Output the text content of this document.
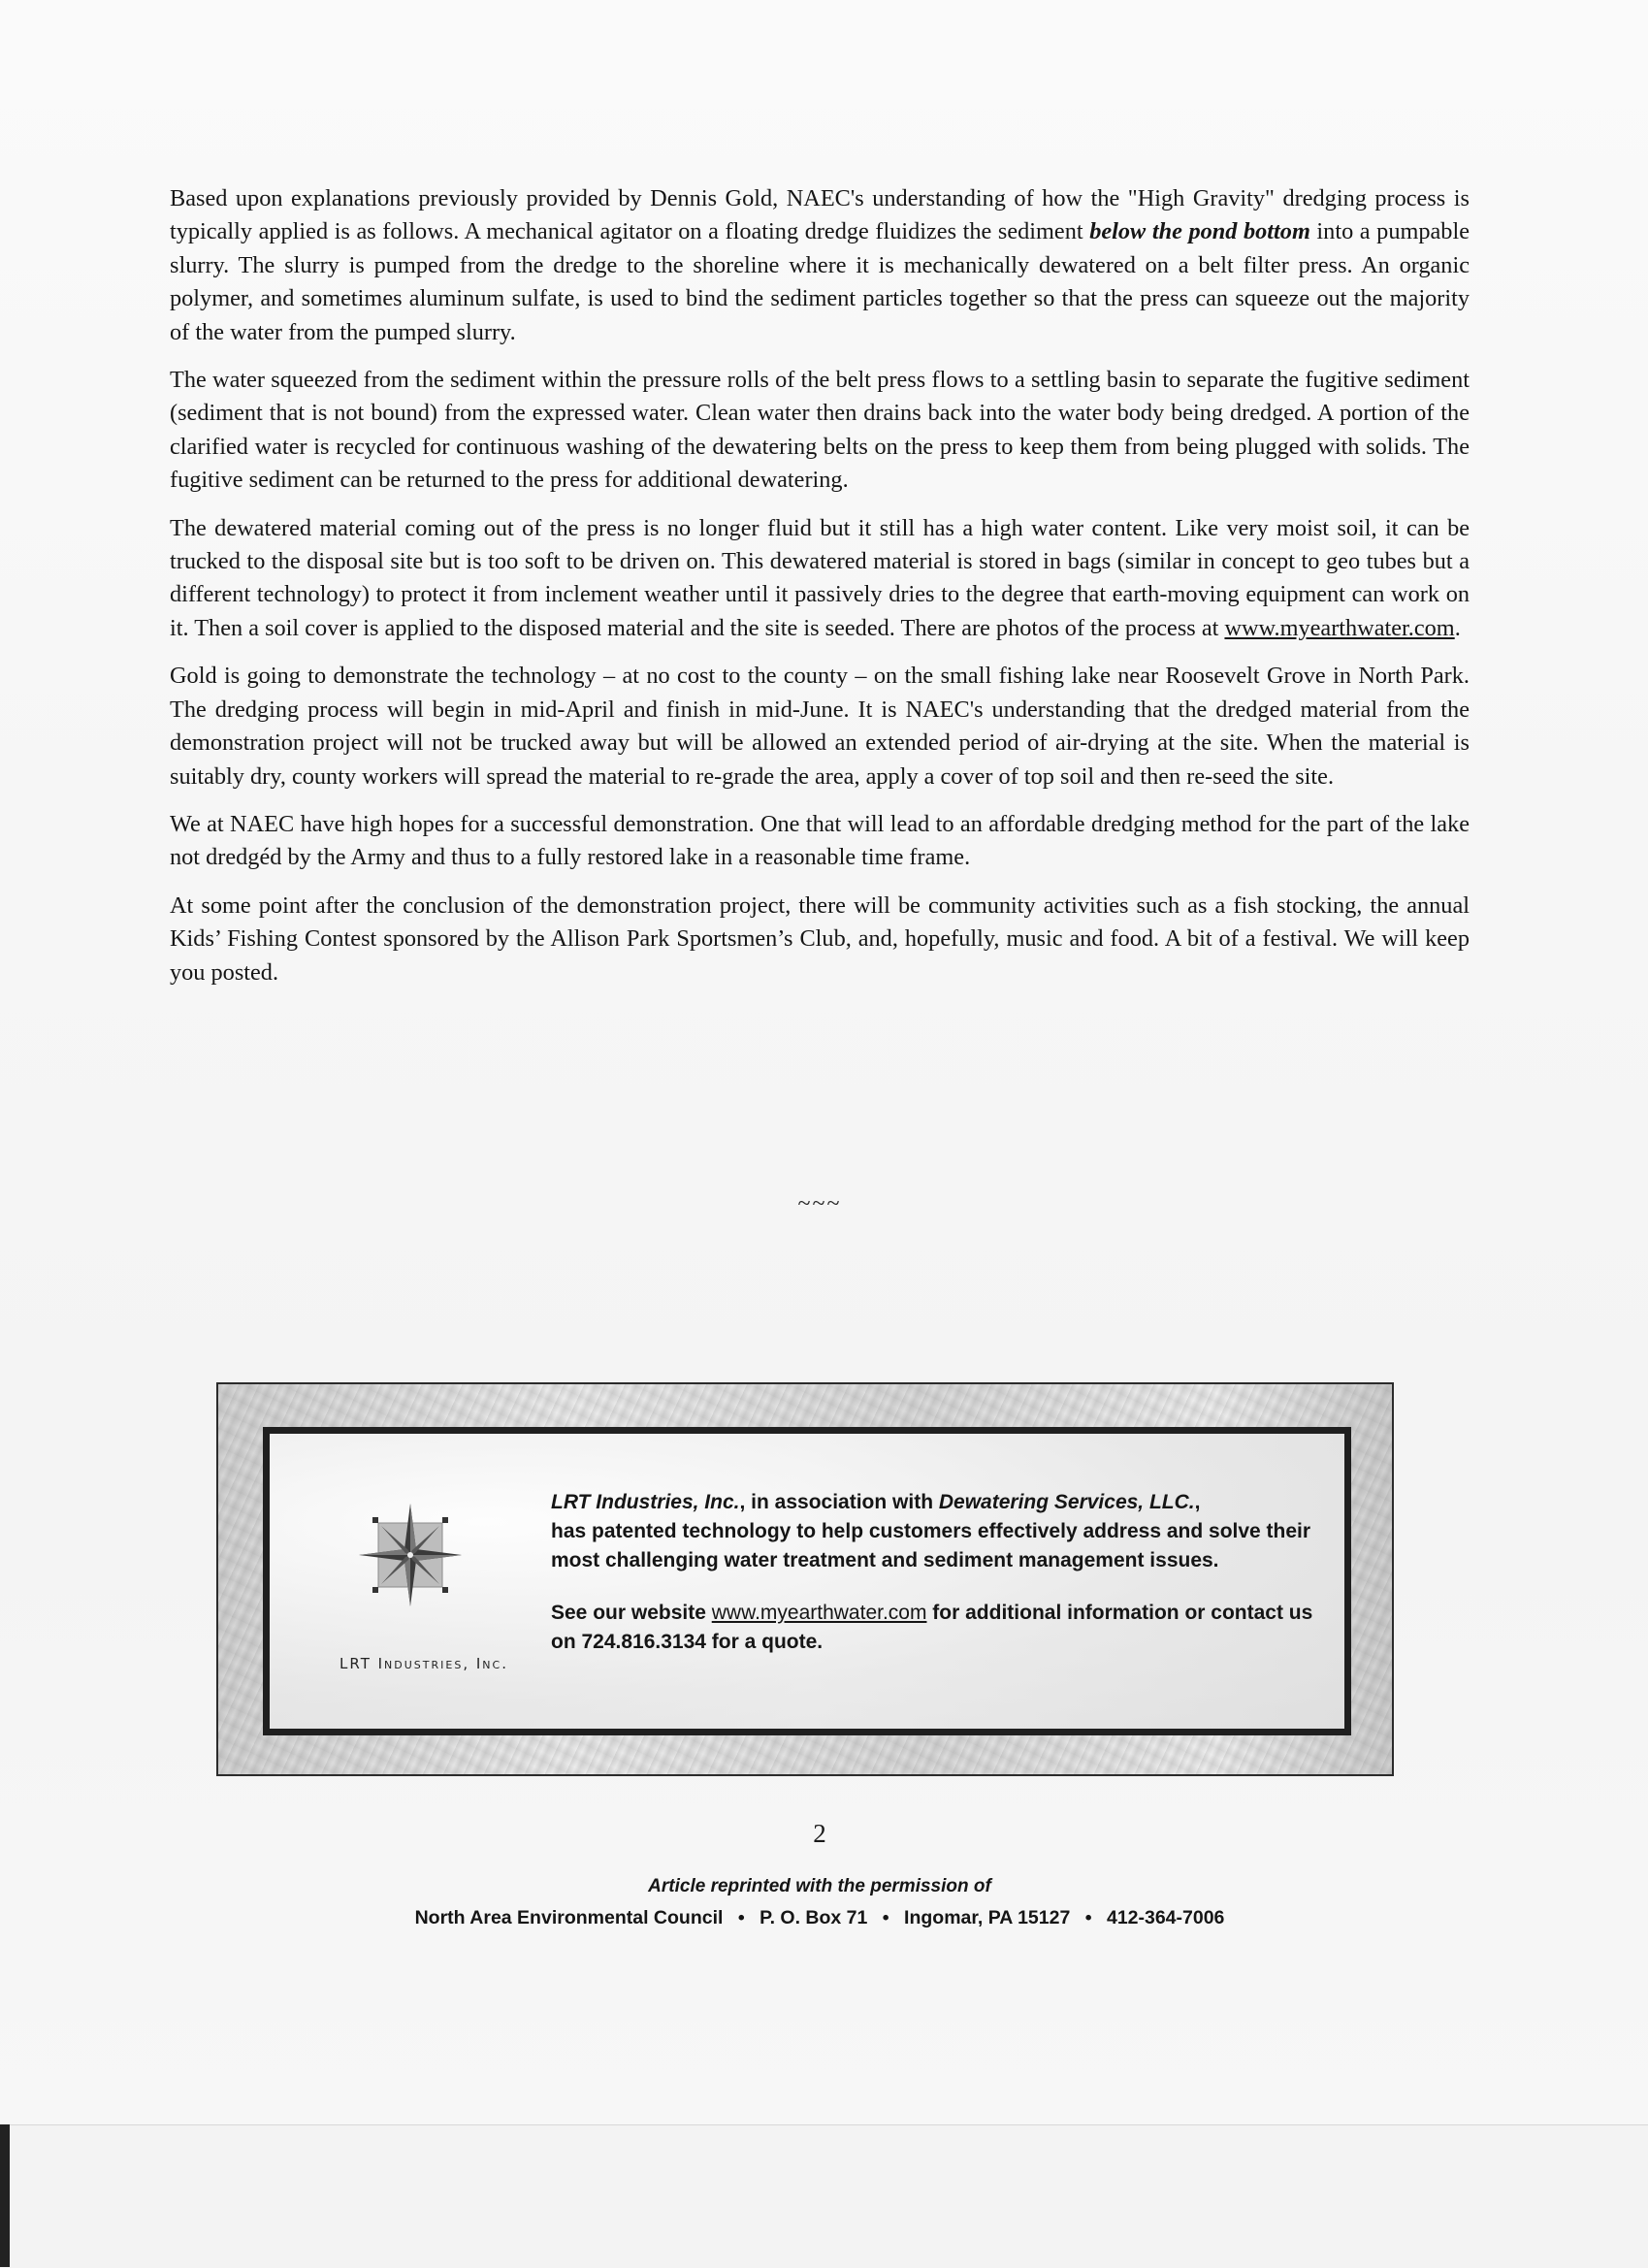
Based upon explanations previously provided by Dennis Gold, NAEC's understanding of how the "High Gravity" dredging process is typically applied is as follows. A mechanical agitator on a floating dredge fluidizes the sediment below the pond bottom into a pumpable slurry. The slurry is pumped from the dredge to the shoreline where it is mechanically dewatered on a belt filter press. An organic polymer, and sometimes aluminum sulfate, is used to bind the sediment particles together so that the press can squeeze out the majority of the water from the pumped slurry.

The water squeezed from the sediment within the pressure rolls of the belt press flows to a settling basin to separate the fugitive sediment (sediment that is not bound) from the expressed water. Clean water then drains back into the water body being dredged. A portion of the clarified water is recycled for continuous washing of the dewatering belts on the press to keep them from being plugged with solids. The fugitive sediment can be returned to the press for additional dewatering.

The dewatered material coming out of the press is no longer fluid but it still has a high water content. Like very moist soil, it can be trucked to the disposal site but is too soft to be driven on. This dewatered material is stored in bags (similar in concept to geo tubes but a different technology) to protect it from inclement weather until it passively dries to the degree that earth-moving equipment can work on it. Then a soil cover is applied to the disposed material and the site is seeded. There are photos of the process at www.myearthwater.com.

Gold is going to demonstrate the technology – at no cost to the county – on the small fishing lake near Roosevelt Grove in North Park. The dredging process will begin in mid-April and finish in mid-June. It is NAEC's understanding that the dredged material from the demonstration project will not be trucked away but will be allowed an extended period of air-drying at the site. When the material is suitably dry, county workers will spread the material to re-grade the area, apply a cover of top soil and then re-seed the site.

We at NAEC have high hopes for a successful demonstration. One that will lead to an affordable dredging method for the part of the lake not dredgéd by the Army and thus to a fully restored lake in a reasonable time frame.

At some point after the conclusion of the demonstration project, there will be community activities such as a fish stocking, the annual Kids’ Fishing Contest sponsored by the Allison Park Sportsmen’s Club, and, hopefully, music and food. A bit of a festival. We will keep you posted.

~~~
LRT Industries, Inc.

LRT Industries, Inc., in association with Dewatering Services, LLC.,

has patented technology to help customers effectively address and solve their most challenging water treatment and sediment management issues.

See our website www.myearthwater.com for additional information or contact us on 724.816.3134 for a quote.

2
Article reprinted with the permission of
North Area Environmental Council • P. O. Box 71 • Ingomar, PA 15127 • 412-364-7006
